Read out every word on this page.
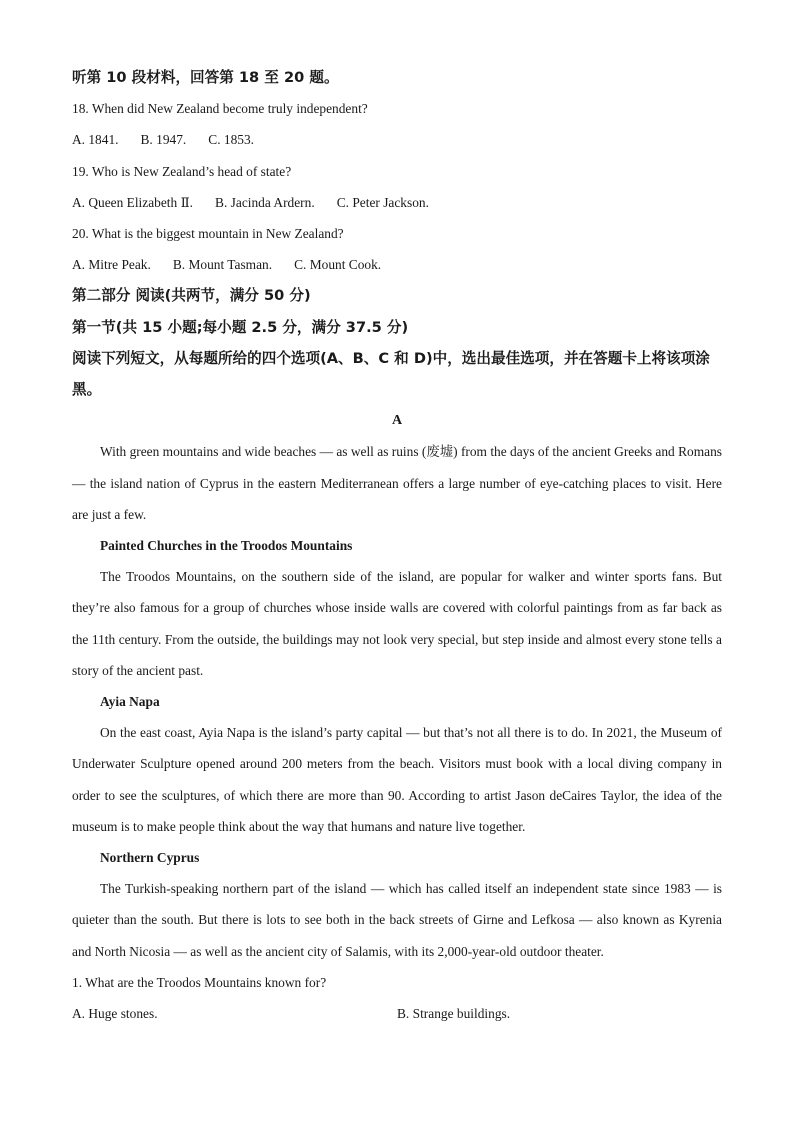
听第 10 段材料，回答第 18 至 20 题。
18. When did New Zealand become truly independent?
A. 1841. B. 1947. C. 1853.
19. Who is New Zealand’s head of state?
A. Queen Elizabeth Ⅱ. B. Jacinda Ardern. C. Peter Jackson.
20. What is the biggest mountain in New Zealand?
A. Mitre Peak. B. Mount Tasman. C. Mount Cook.
第二部分 阅读(共两节，满分 50 分)
第一节(共 15 小题;每小题 2.5 分，满分 37.5 分)
阅读下列短文，从每题所给的四个选项(A、B、C 和 D)中，选出最佳选项，并在答题卡上将该项涂黑。
A
With green mountains and wide beaches — as well as ruins (废墟) from the days of the ancient Greeks and Romans — the island nation of Cyprus in the eastern Mediterranean offers a large number of eye-catching places to visit. Here are just a few.
Painted Churches in the Troodos Mountains
The Troodos Mountains, on the southern side of the island, are popular for walker and winter sports fans. But they’re also famous for a group of churches whose inside walls are covered with colorful paintings from as far back as the 11th century. From the outside, the buildings may not look very special, but step inside and almost every stone tells a story of the ancient past.
Ayia Napa
On the east coast, Ayia Napa is the island’s party capital — but that’s not all there is to do. In 2021, the Museum of Underwater Sculpture opened around 200 meters from the beach. Visitors must book with a local diving company in order to see the sculptures, of which there are more than 90. According to artist Jason deCaires Taylor, the idea of the museum is to make people think about the way that humans and nature live together.
Northern Cyprus
The Turkish-speaking northern part of the island — which has called itself an independent state since 1983 — is quieter than the south. But there is lots to see both in the back streets of Girne and Lefkosa — also known as Kyrenia and North Nicosia — as well as the ancient city of Salamis, with its 2,000-year-old outdoor theater.
1. What are the Troodos Mountains known for?
A. Huge stones.	B. Strange buildings.
